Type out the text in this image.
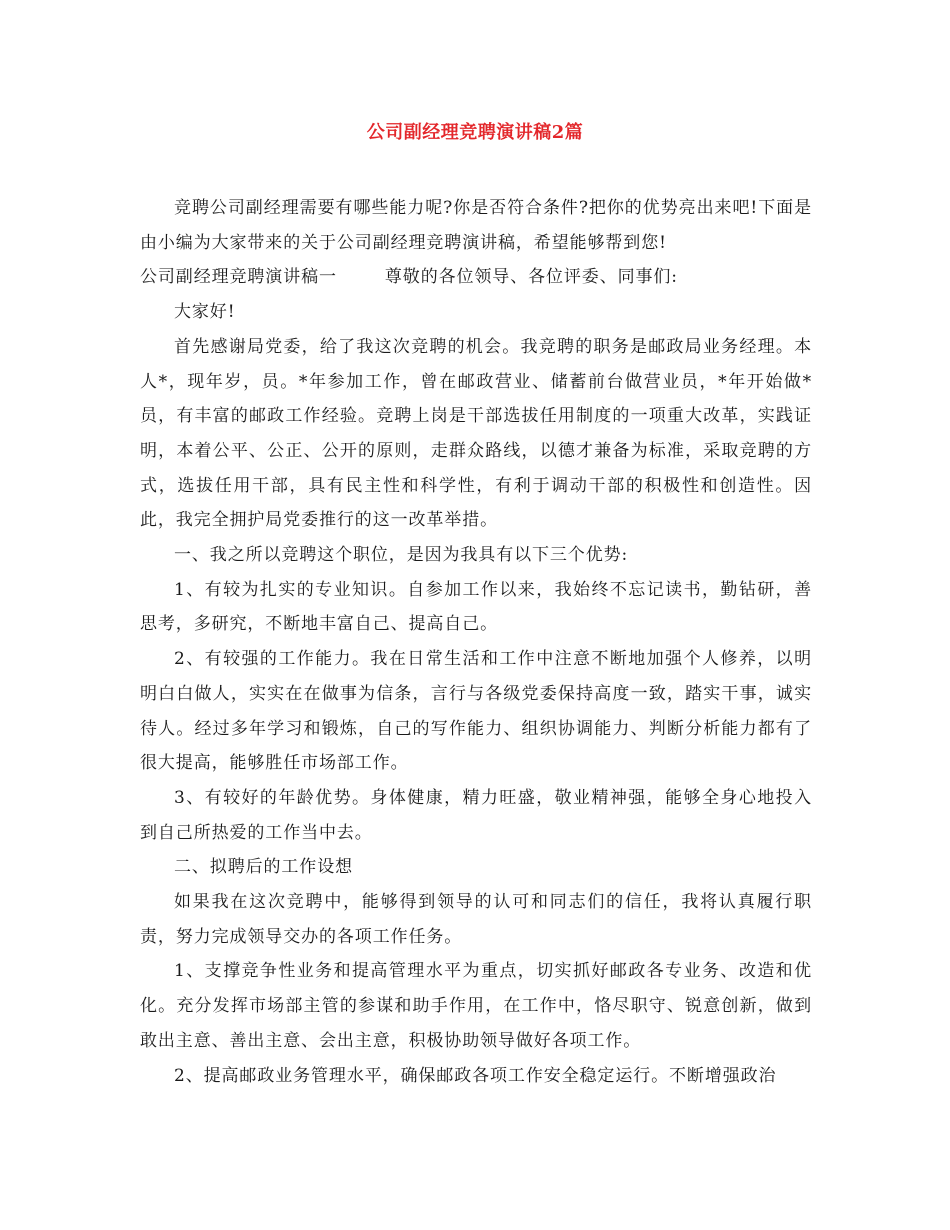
公司副经理竞聘演讲稿2篇

竞聘公司副经理需要有哪些能力呢?你是否符合条件?把你的优势亮出来吧!下面是由小编为大家带来的关于公司副经理竞聘演讲稿，希望能够帮到您!

公司副经理竞聘演讲稿一	尊敬的各位领导、各位评委、同事们:

大家好!

首先感谢局党委，给了我这次竞聘的机会。我竞聘的职务是邮政局业务经理。本人*，现年岁，员。*年参加工作，曾在邮政营业、储蓄前台做营业员，*年开始做*员，有丰富的邮政工作经验。竞聘上岗是干部选拔任用制度的一项重大改革，实践证明，本着公平、公正、公开的原则，走群众路线，以德才兼备为标准，采取竞聘的方式，选拔任用干部，具有民主性和科学性，有利于调动干部的积极性和创造性。因此，我完全拥护局党委推行的这一改革举措。

一、我之所以竞聘这个职位，是因为我具有以下三个优势:

1、有较为扎实的专业知识。自参加工作以来，我始终不忘记读书，勤钻研，善思考，多研究，不断地丰富自己、提高自己。

2、有较强的工作能力。我在日常生活和工作中注意不断地加强个人修养，以明明白白做人，实实在在做事为信条，言行与各级党委保持高度一致，踏实干事，诚实待人。经过多年学习和锻炼，自己的写作能力、组织协调能力、判断分析能力都有了很大提高，能够胜任市场部工作。

3、有较好的年龄优势。身体健康，精力旺盛，敬业精神强，能够全身心地投入到自己所热爱的工作当中去。

二、拟聘后的工作设想

如果我在这次竞聘中，能够得到领导的认可和同志们的信任，我将认真履行职责，努力完成领导交办的各项工作任务。

1、支撑竞争性业务和提高管理水平为重点，切实抓好邮政各专业务、改造和优化。充分发挥市场部主管的参谋和助手作用，在工作中，恪尽职守、锐意创新，做到敢出主意、善出主意、会出主意，积极协助领导做好各项工作。

2、提高邮政业务管理水平，确保邮政各项工作安全稳定运行。不断增强政治
